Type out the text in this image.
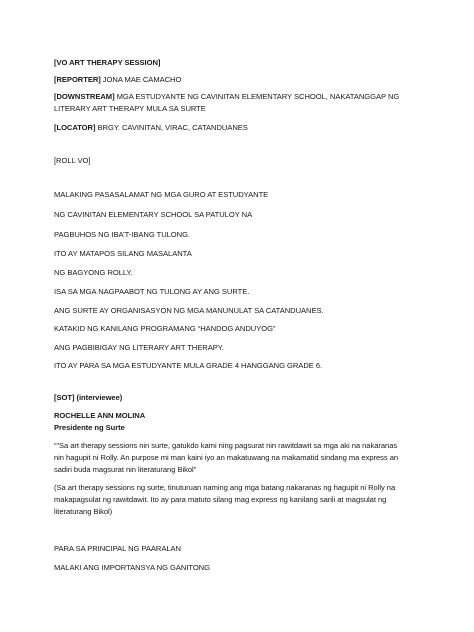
[VO ART THERAPY SESSION]
[REPORTER] JONA MAE CAMACHO
[DOWNSTREAM] MGA ESTUDYANTE NG CAVINITAN ELEMENTARY SCHOOL, NAKATANGGAP NG
LITERARY ART THERAPY MULA SA SURTE
[LOCATOR] BRGY. CAVINITAN, VIRAC, CATANDUANES
[ROLL VO]
MALAKING PASASALAMAT NG MGA GURO AT ESTUDYANTE
NG CAVINITAN ELEMENTARY SCHOOL SA PATULOY NA
PAGBUHOS NG IBA’T-IBANG TULONG.
ITO AY MATAPOS SILANG MASALANTA
NG BAGYONG ROLLY.
ISA SA MGA NAGPAABOT NG TULONG AY ANG SURTE.
ANG SURTE AY ORGANISASYON NG MGA MANUNULAT SA CATANDUANES.
KATAKID NG KANILANG PROGRAMANG “HANDOG ANDUYOG”
ANG PAGBIBIGAY NG LITERARY ART THERAPY.
ITO AY PARA SA MGA ESTUDYANTE MULA GRADE 4 HANGGANG GRADE 6.
[SOT] (interviewee)
ROCHELLE ANN MOLINA
Presidente ng Surte
“”Sa art therapy sessions nin surte, gatukdo kami ning pagsurat nin rawitdawit sa mga aki na nakaranas
nin hagupit ni Rolly. An purpose mi man kaini iyo an makatuwang na makamatid sindang ma express an
sadiri buda magsurat nin literaturang Bikol”
(Sa art therapy sessions ng surte, tinuturuan naming ang mga batang nakaranas ng hagupit ni Rolly na
makapagsulat ng rawitdawit. Ito ay para matuto silang mag express ng kanilang sarili at magsulat ng
literaturang Bikol)
PARA SA PRINCIPAL NG PAARALAN
MALAKI ANG IMPORTANSYA NG GANITONG
